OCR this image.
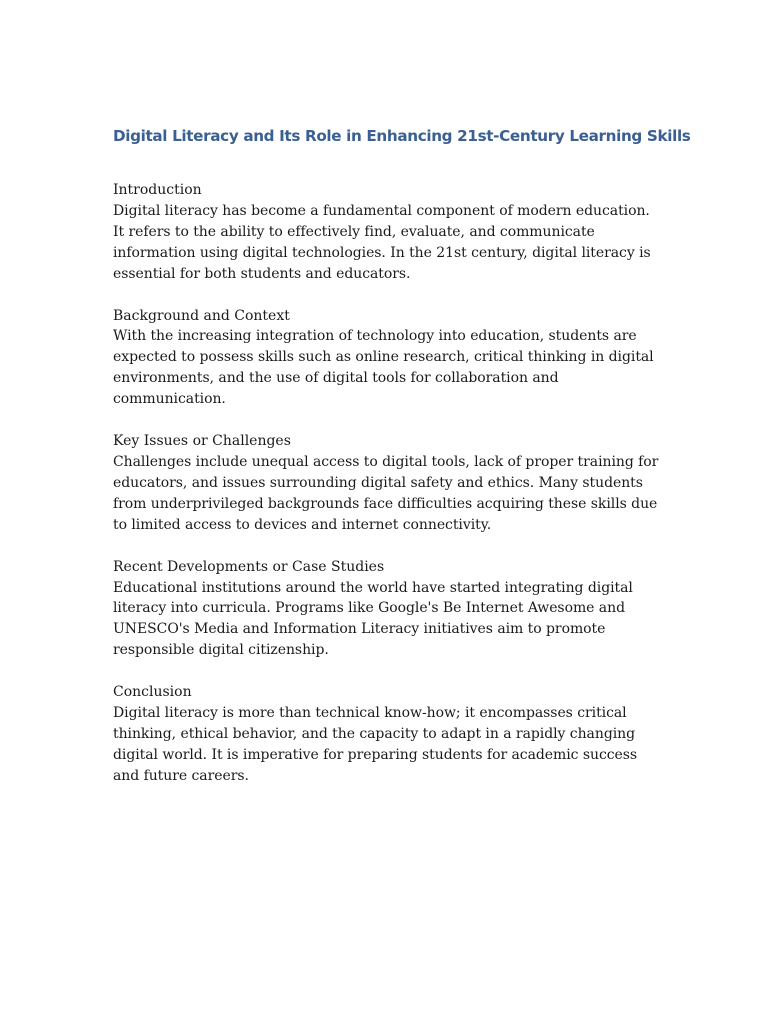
Digital Literacy and Its Role in Enhancing 21st-Century Learning Skills

Introduction

Digital literacy has become a fundamental component of modern education. It refers to the ability to effectively find, evaluate, and communicate information using digital technologies. In the 21st century, digital literacy is essential for both students and educators.

Background and Context

With the increasing integration of technology into education, students are expected to possess skills such as online research, critical thinking in digital environments, and the use of digital tools for collaboration and communication.

Key Issues or Challenges

Challenges include unequal access to digital tools, lack of proper training for educators, and issues surrounding digital safety and ethics. Many students from underprivileged backgrounds face difficulties acquiring these skills due to limited access to devices and internet connectivity.

Recent Developments or Case Studies

Educational institutions around the world have started integrating digital literacy into curricula. Programs like Google's Be Internet Awesome and UNESCO's Media and Information Literacy initiatives aim to promote responsible digital citizenship.

Conclusion

Digital literacy is more than technical know-how; it encompasses critical thinking, ethical behavior, and the capacity to adapt in a rapidly changing digital world. It is imperative for preparing students for academic success and future careers.
